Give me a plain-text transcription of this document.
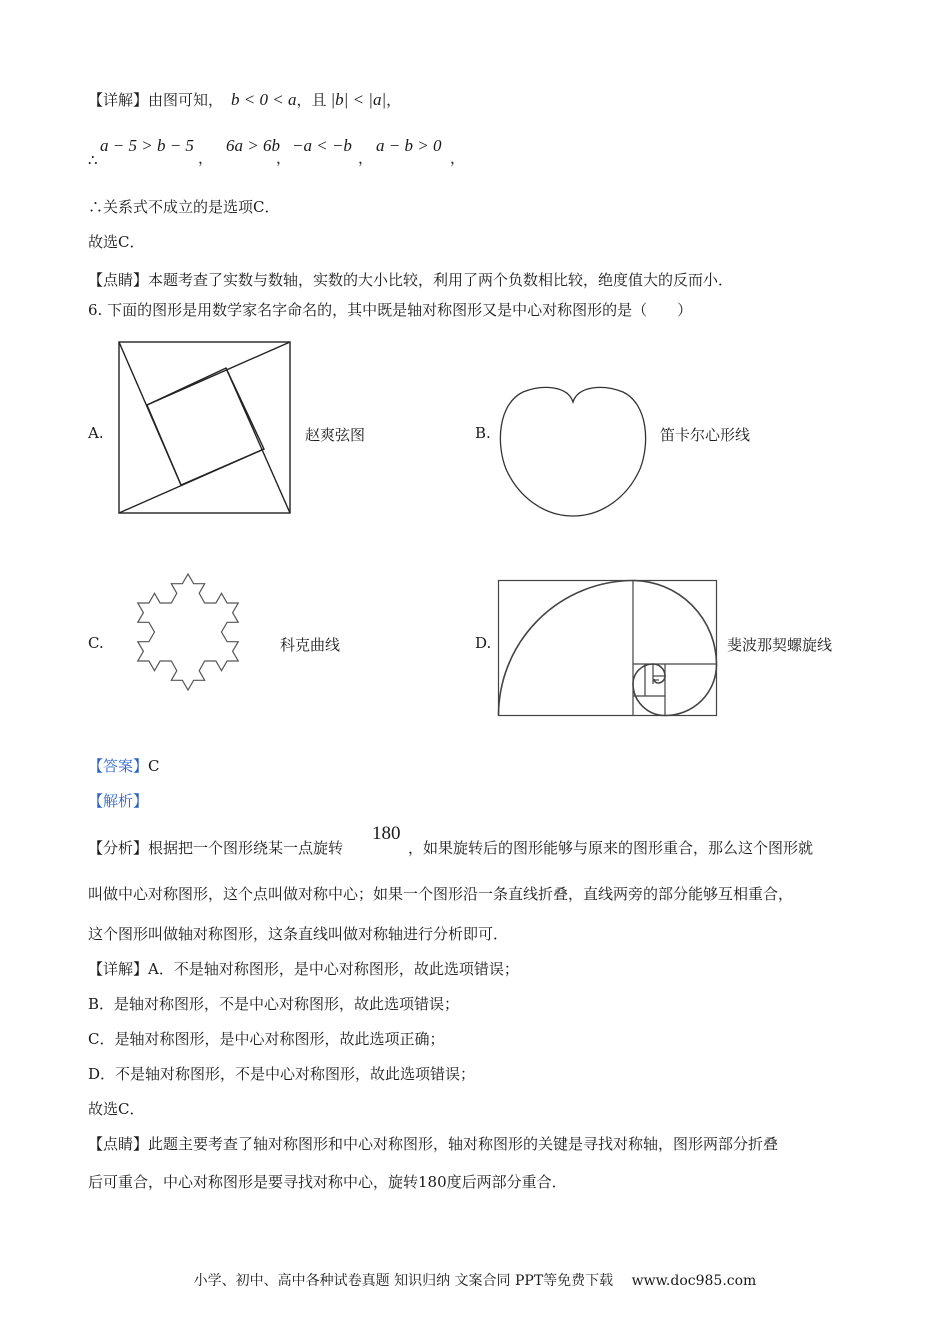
【详解】由图可知， b < 0 < a，且 |b| < |a|，
∴
a − 5 > b − 5
，
6a > 6b
，
−a < −b
，
a − b > 0
，
∴关系式不成立的是选项C．
故选C．
【点睛】本题考查了实数与数轴，实数的大小比较，利用了两个负数相比较，绝度值大的反而小．
6. 下面的图形是用数学家名字命名的，其中既是轴对称图形又是中心对称图形的是（　　）
A.	赵爽弦图	B.	笛卡尔心形线
C.	科克曲线	D.	斐波那契螺旋线
【答案】C
【解析】
【分析】根据把一个图形绕某一点旋转
180
，如果旋转后的图形能够与原来的图形重合，那么这个图形就
叫做中心对称图形，这个点叫做对称中心；如果一个图形沿一条直线折叠，直线两旁的部分能够互相重合，
这个图形叫做轴对称图形，这条直线叫做对称轴进行分析即可．
【详解】A．不是轴对称图形，是中心对称图形，故此选项错误；
B．是轴对称图形，不是中心对称图形，故此选项错误；
C．是轴对称图形，是中心对称图形，故此选项正确；
D．不是轴对称图形，不是中心对称图形，故此选项错误；
故选C．
【点睛】此题主要考查了轴对称图形和中心对称图形，轴对称图形的关键是寻找对称轴，图形两部分折叠
后可重合，中心对称图形是要寻找对称中心，旋转180度后两部分重合．
小学、初中、高中各种试卷真题 知识归纳 文案合同 PPT等免费下载　 www.doc985.com
